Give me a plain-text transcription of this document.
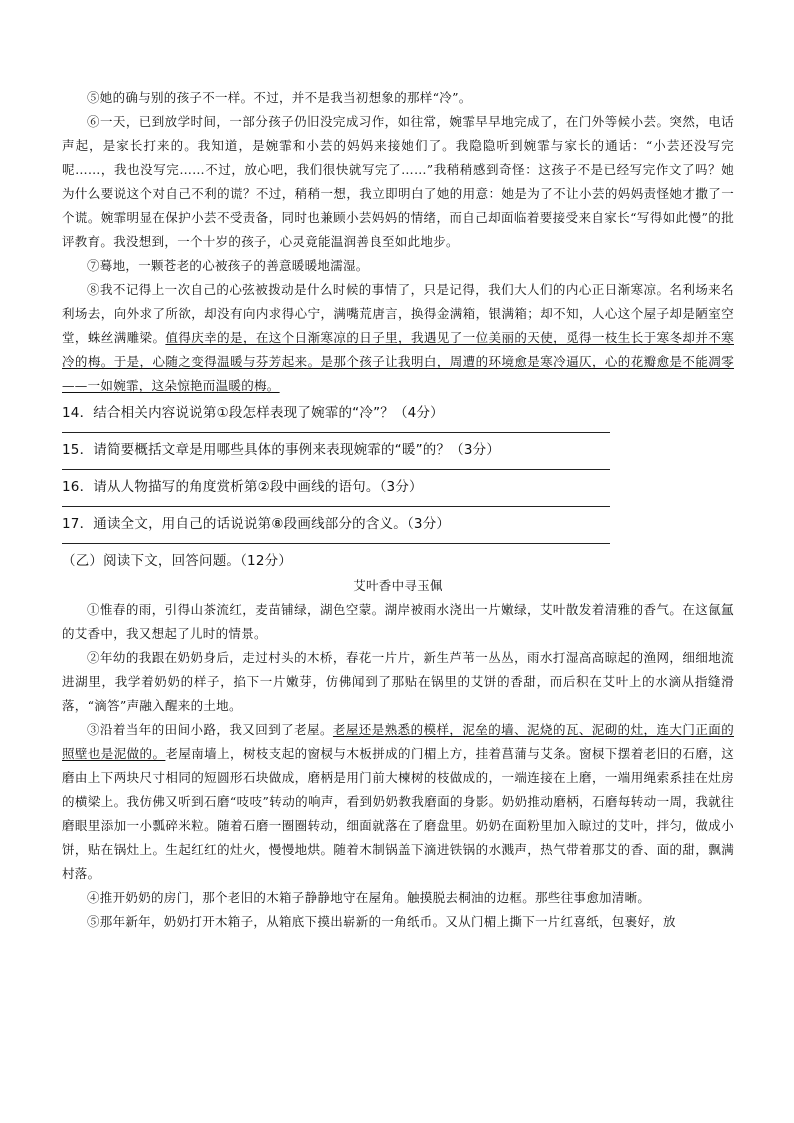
⑤她的确与别的孩子不一样。不过，并不是我当初想象的那样“冷”。

⑥一天，已到放学时间，一部分孩子仍旧没完成习作，如往常，婉霏早早地完成了，在门外等候小芸。突然，电话声起，是家长打来的。我知道，是婉霏和小芸的妈妈来接她们了。我隐隐听到婉霏与家长的通话：“小芸还没写完呢……，我也没写完……不过，放心吧，我们很快就写完了……”我稍稍感到奇怪：这孩子不是已经写完作文了吗？她为什么要说这个对自己不利的谎？不过，稍稍一想，我立即明白了她的用意：她是为了不让小芸的妈妈责怪她才撒了一个谎。婉霏明显在保护小芸不受责备，同时也兼顾小芸妈妈的情绪，而自己却面临着要接受来自家长“写得如此慢”的批评教育。我没想到，一个十岁的孩子，心灵竟能温润善良至如此地步。

⑦蓦地，一颗苍老的心被孩子的善意暖暖地濡湿。

⑧我不记得上一次自己的心弦被拨动是什么时候的事情了，只是记得，我们大人们的内心正日渐寒凉。名利场来名利场去，向外求了所欲，却没有向内求得心宁，满嘴荒唐言，换得金满箱，银满箱；却不知，人心这个屋子却是陋室空堂，蛛丝满雕梁。值得庆幸的是，在这个日渐寒凉的日子里，我遇见了一位美丽的天使，觅得一枝生长于寒冬却并不寒冷的梅。于是，心随之变得温暖与芬芳起来。是那个孩子让我明白，周遭的环境愈是寒冷逼仄，心的花瓣愈是不能凋零——一如婉霏，这朵惊艳而温暖的梅。

14．结合相关内容说说第①段怎样表现了婉霏的“冷”？（4分）

15．请简要概括文章是用哪些具体的事例来表现婉霏的“暖”的？（3分）

16．请从人物描写的角度赏析第②段中画线的语句。（3分）

17．通读全文，用自己的话说说第⑧段画线部分的含义。（3分）

（乙）阅读下文，回答问题。（12分）

艾叶香中寻玉佩

①惟春的雨，引得山茶流红，麦苗铺绿，湖色空蒙。湖岸被雨水浇出一片嫩绿，艾叶散发着清雅的香气。在这氤氲的艾香中，我又想起了儿时的情景。

②年幼的我跟在奶奶身后，走过村头的木桥，春花一片片，新生芦苇一丛丛，雨水打湿高高晾起的渔网，细细地流进湖里，我学着奶奶的样子，掐下一片嫩芽，仿佛闻到了那贴在锅里的艾饼的香甜，而后积在艾叶上的水滴从指缝滑落，“滴答”声融入醒来的土地。

③沿着当年的田间小路，我又回到了老屋。老屋还是熟悉的模样，泥垒的墙、泥烧的瓦、泥砌的灶，连大门正面的照壁也是泥做的。老屋南墙上，树枝支起的窗棂与木板拼成的门楣上方，挂着菖蒲与艾条。窗棂下摆着老旧的石磨，这磨由上下两块尺寸相同的短圆形石块做成，磨柄是用门前大楝树的枝做成的，一端连接在上磨，一端用绳索系挂在灶房的横梁上。我仿佛又听到石磨“吱吱”转动的响声，看到奶奶教我磨面的身影。奶奶推动磨柄，石磨每转动一周，我就往磨眼里添加一小瓢碎米粒。随着石磨一圈圈转动，细面就落在了磨盘里。奶奶在面粉里加入晾过的艾叶，拌匀，做成小饼，贴在锅灶上。生起红红的灶火，慢慢地烘。随着木制锅盖下滴进铁锅的水溅声，热气带着那艾的香、面的甜，飘满村落。

④推开奶奶的房门，那个老旧的木箱子静静地守在屋角。触摸脱去桐油的边框。那些往事愈加清晰。

⑤那年新年，奶奶打开木箱子，从箱底下摸出崭新的一角纸币。又从门楣上撕下一片红喜纸，包裹好，放
